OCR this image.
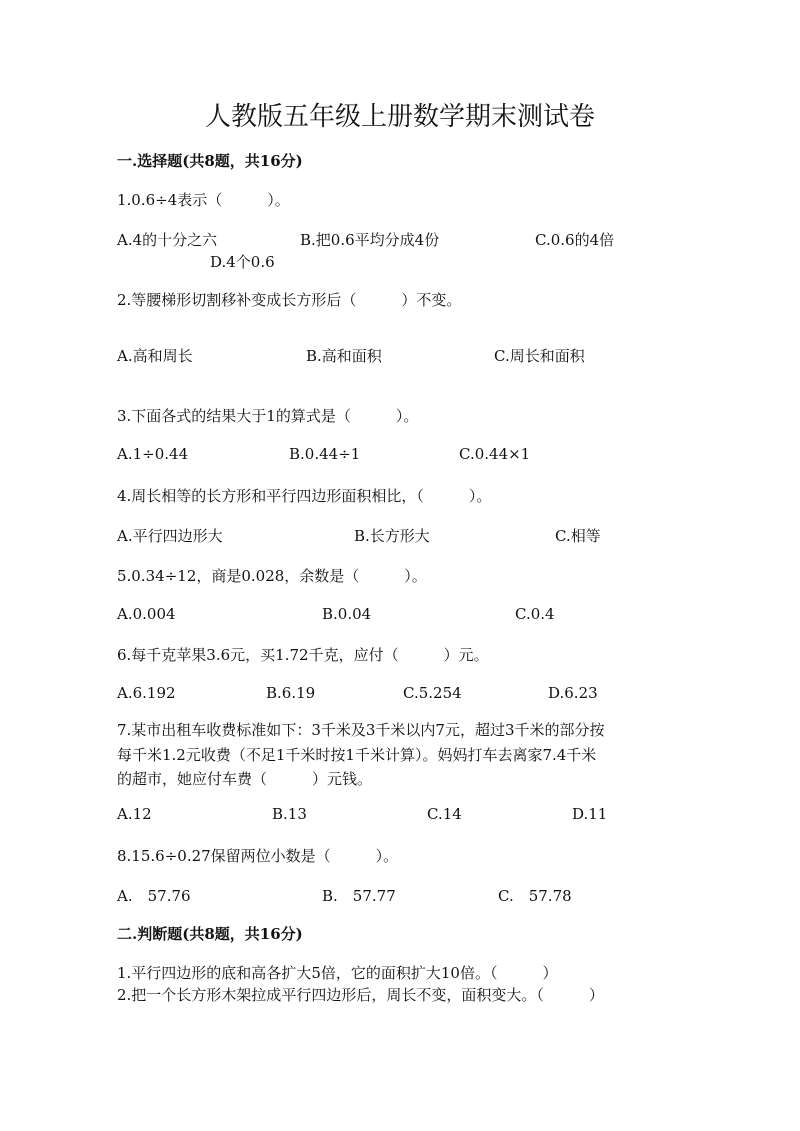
人教版五年级上册数学期末测试卷
一.选择题(共8题，共16分)
1.0.6÷4表示（　　　）。
A.4的十分之六	B.把0.6平均分成4份	C.0.6的4倍
D.4个0.6
2.等腰梯形切割移补变成长方形后（　　　）不变。
A.高和周长	B.高和面积	C.周长和面积
3.下面各式的结果大于1的算式是（　　　）。
A.1÷0.44	B.0.44÷1	C.0.44×1
4.周长相等的长方形和平行四边形面积相比，（　　　）。
A.平行四边形大	B.长方形大	C.相等
5.0.34÷12，商是0.028，余数是（　　　）。
A.0.004	B.0.04	C.0.4
6.每千克苹果3.6元，买1.72千克，应付（　　　）元。
A.6.192	B.6.19	C.5.254	D.6.23
7.某市出租车收费标准如下：3千米及3千米以内7元，超过3千米的部分按
每千米1.2元收费（不足1千米时按1千米计算）。妈妈打车去离家7.4千米
的超市，她应付车费（　　　）元钱。
A.12	B.13	C.14	D.11
8.15.6÷0.27保留两位小数是（　　　）。
A.　57.76	B.　57.77	C.　57.78
二.判断题(共8题，共16分)
1.平行四边形的底和高各扩大5倍，它的面积扩大10倍。（　　　）
2.把一个长方形木架拉成平行四边形后，周长不变，面积变大。（　　　）
